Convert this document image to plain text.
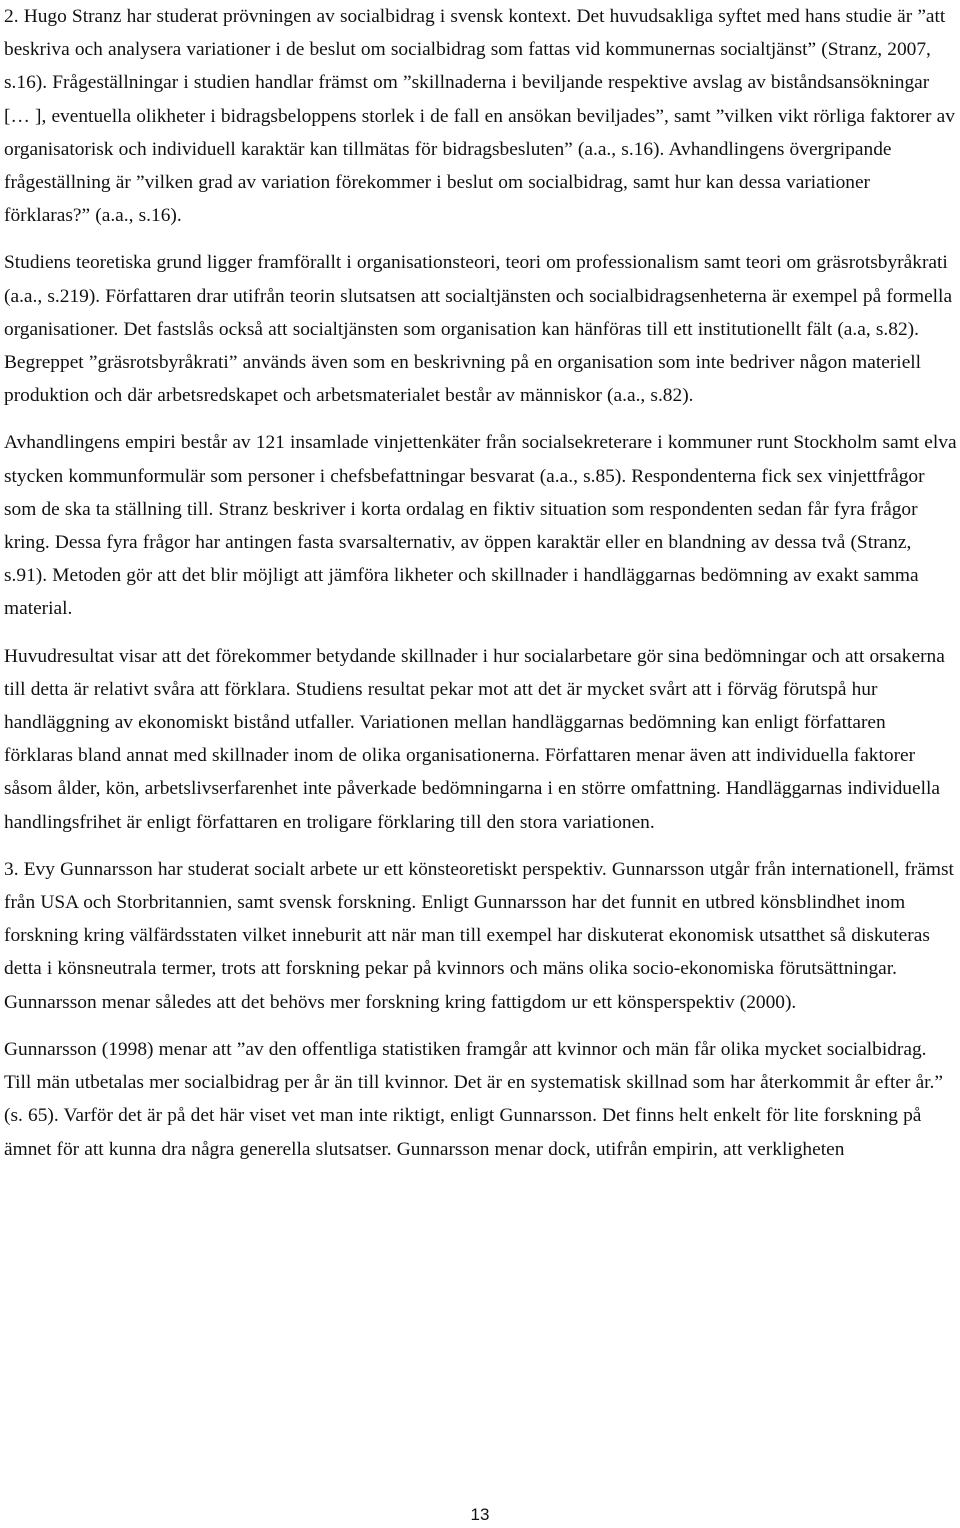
2. Hugo Stranz har studerat prövningen av socialbidrag i svensk kontext. Det huvudsakliga syftet med hans studie är ”att beskriva och analysera variationer i de beslut om socialbidrag som fattas vid kommunernas socialtjänst” (Stranz, 2007, s.16). Frågeställningar i studien handlar främst om ”skillnaderna i beviljande respektive avslag av biståndsansökningar [… ], eventuella olikheter i bidragsbeloppens storlek i de fall en ansökan beviljades”, samt ”vilken vikt rörliga faktorer av organisatorisk och individuell karaktär kan tillmätas för bidragsbesluten” (a.a., s.16). Avhandlingens övergripande frågeställning är ”vilken grad av variation förekommer i beslut om socialbidrag, samt hur kan dessa variationer förklaras?” (a.a., s.16).

Studiens teoretiska grund ligger framförallt i organisationsteori, teori om professionalism samt teori om gräsrotsbyråkrati (a.a., s.219). Författaren drar utifrån teorin slutsatsen att socialtjänsten och socialbidragsenheterna är exempel på formella organisationer. Det fastslås också att socialtjänsten som organisation kan hänföras till ett institutionellt fält (a.a, s.82). Begreppet ”gräsrotsbyråkrati” används även som en beskrivning på en organisation som inte bedriver någon materiell produktion och där arbetsredskapet och arbetsmaterialet består av människor (a.a., s.82).

Avhandlingens empiri består av 121 insamlade vinjettenkäter från socialsekreterare i kommuner runt Stockholm samt elva stycken kommunformulär som personer i chefsbefattningar besvarat (a.a., s.85). Respondenterna fick sex vinjettfrågor som de ska ta ställning till. Stranz beskriver i korta ordalag en fiktiv situation som respondenten sedan får fyra frågor kring. Dessa fyra frågor har antingen fasta svarsalternativ, av öppen karaktär eller en blandning av dessa två (Stranz, s.91). Metoden gör att det blir möjligt att jämföra likheter och skillnader i handläggarnas bedömning av exakt samma material.

Huvudresultat visar att det förekommer betydande skillnader i hur socialarbetare gör sina bedömningar och att orsakerna till detta är relativt svåra att förklara. Studiens resultat pekar mot att det är mycket svårt att i förväg förutspå hur handläggning av ekonomiskt bistånd utfaller. Variationen mellan handläggarnas bedömning kan enligt författaren förklaras bland annat med skillnader inom de olika organisationerna. Författaren menar även att individuella faktorer såsom ålder, kön, arbetslivserfarenhet inte påverkade bedömningarna i en större omfattning. Handläggarnas individuella handlingsfrihet är enligt författaren en troligare förklaring till den stora variationen.

3. Evy Gunnarsson har studerat socialt arbete ur ett könsteoretiskt perspektiv. Gunnarsson utgår från internationell, främst från USA och Storbritannien, samt svensk forskning. Enligt Gunnarsson har det funnit en utbred könsblindhet inom forskning kring välfärdsstaten vilket inneburit att när man till exempel har diskuterat ekonomisk utsatthet så diskuteras detta i könsneutrala termer, trots att forskning pekar på kvinnors och mäns olika socio-ekonomiska förutsättningar. Gunnarsson menar således att det behövs mer forskning kring fattigdom ur ett könsperspektiv (2000).

Gunnarsson (1998) menar att ”av den offentliga statistiken framgår att kvinnor och män får olika mycket socialbidrag. Till män utbetalas mer socialbidrag per år än till kvinnor. Det är en systematisk skillnad som har återkommit år efter år.” (s. 65). Varför det är på det här viset vet man inte riktigt, enligt Gunnarsson. Det finns helt enkelt för lite forskning på ämnet för att kunna dra några generella slutsatser. Gunnarsson menar dock, utifrån empirin, att verkligheten

13
